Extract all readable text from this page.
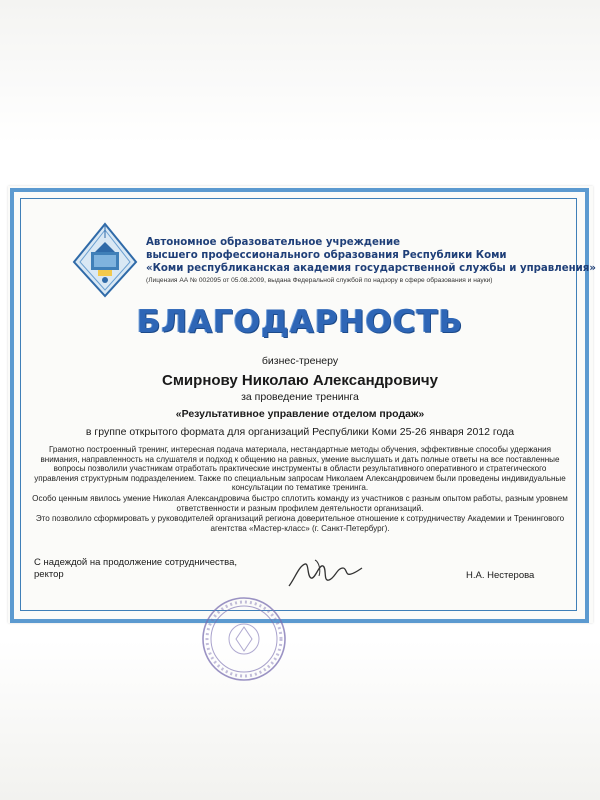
Автономное образовательное учреждение
высшего профессионального образования Республики Коми
«Коми республиканская академия государственной службы и управления»
(Лицензия АА № 002095 от 05.08.2009, выдана Федеральной службой по надзору в сфере образования и науки)
БЛАГОДАРНОСТЬ
бизнес-тренеру
Смирнову Николаю Александровичу
за проведение тренинга
«Результативное управление отделом продаж»
в группе открытого формата для организаций Республики Коми 25-26 января 2012 года

Грамотно построенный тренинг, интересная подача материала, нестандартные методы обучения, эффективные способы удержания внимания, направленность на слушателя и подход к общению на равных, умение выслушать и дать полные ответы на все поставленные вопросы позволили участникам отработать практические инструменты в области результативного оперативного и стратегического управления структурным подразделением. Также по специальным запросам Николаем Александровичем были проведены индивидуальные консультации по тематике тренинга.

Особо ценным явилось умение Николая Александровича быстро сплотить команду из участников с разным опытом работы, разным уровнем ответственности и разным профилем деятельности организаций.

Это позволило сформировать у руководителей организаций региона доверительное отношение к сотрудничеству Академии и Тренингового агентства «Мастер-класс» (г. Санкт-Петербург).

С надеждой на продолжение сотрудничества,
ректор	Н.А. Нестерова
